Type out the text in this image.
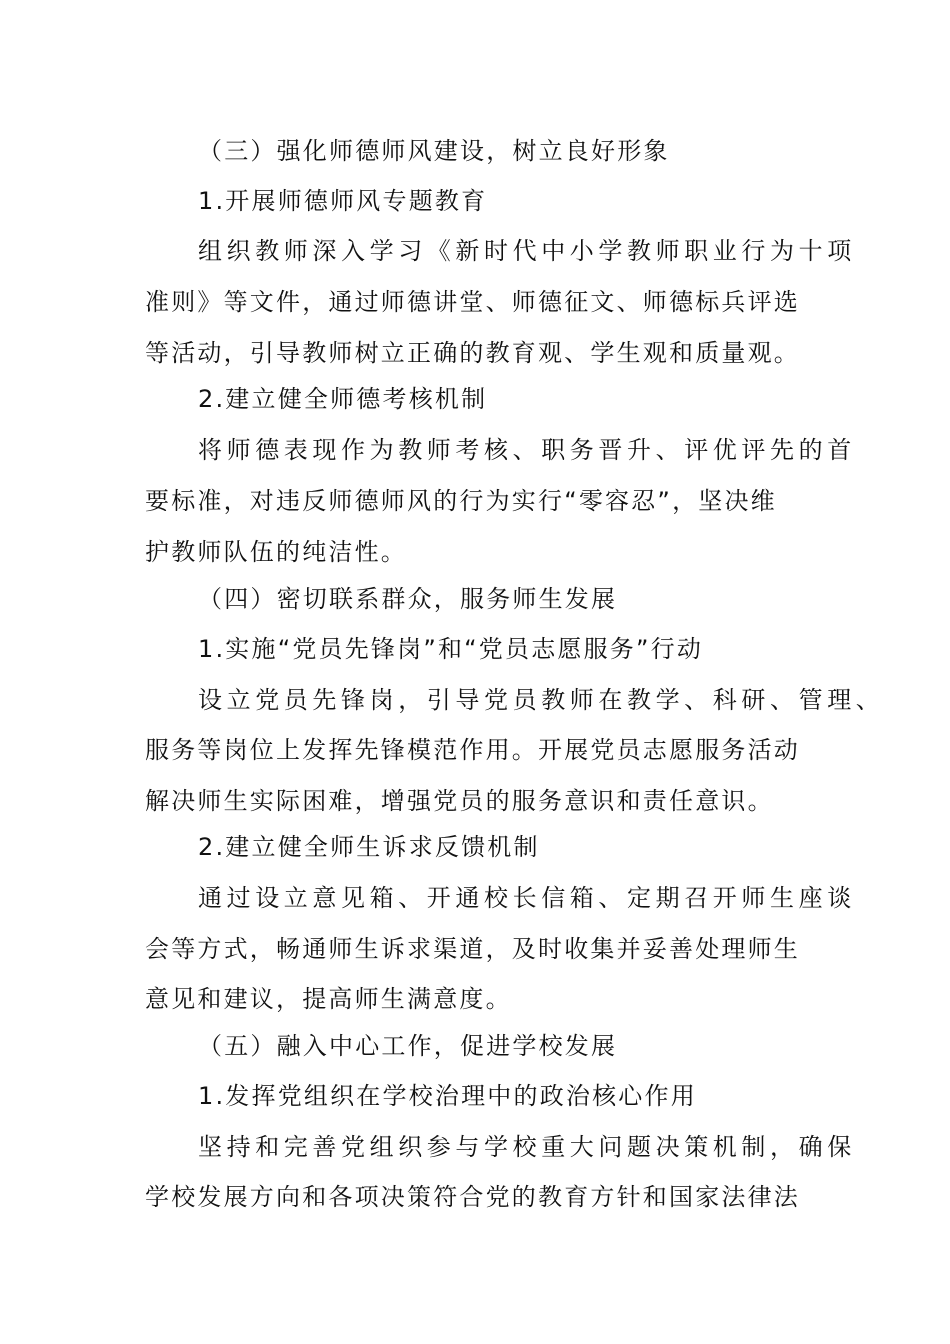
（三）强化师德师风建设，树立良好形象
1.开展师德师风专题教育
组织教师深入学习《新时代中小学教师职业行为十项
准则》等文件，通过师德讲堂、师德征文、师德标兵评选
等活动，引导教师树立正确的教育观、学生观和质量观。
2.建立健全师德考核机制
将师德表现作为教师考核、职务晋升、评优评先的首
要标准，对违反师德师风的行为实行“零容忍”，坚决维
护教师队伍的纯洁性。
（四）密切联系群众，服务师生发展
1.实施“党员先锋岗”和“党员志愿服务”行动
设立党员先锋岗，引导党员教师在教学、科研、管理、
服务等岗位上发挥先锋模范作用。开展党员志愿服务活动
解决师生实际困难，增强党员的服务意识和责任意识。
2.建立健全师生诉求反馈机制
通过设立意见箱、开通校长信箱、定期召开师生座谈
会等方式，畅通师生诉求渠道，及时收集并妥善处理师生
意见和建议，提高师生满意度。
（五）融入中心工作，促进学校发展
1.发挥党组织在学校治理中的政治核心作用
坚持和完善党组织参与学校重大问题决策机制，确保
学校发展方向和各项决策符合党的教育方针和国家法律法
